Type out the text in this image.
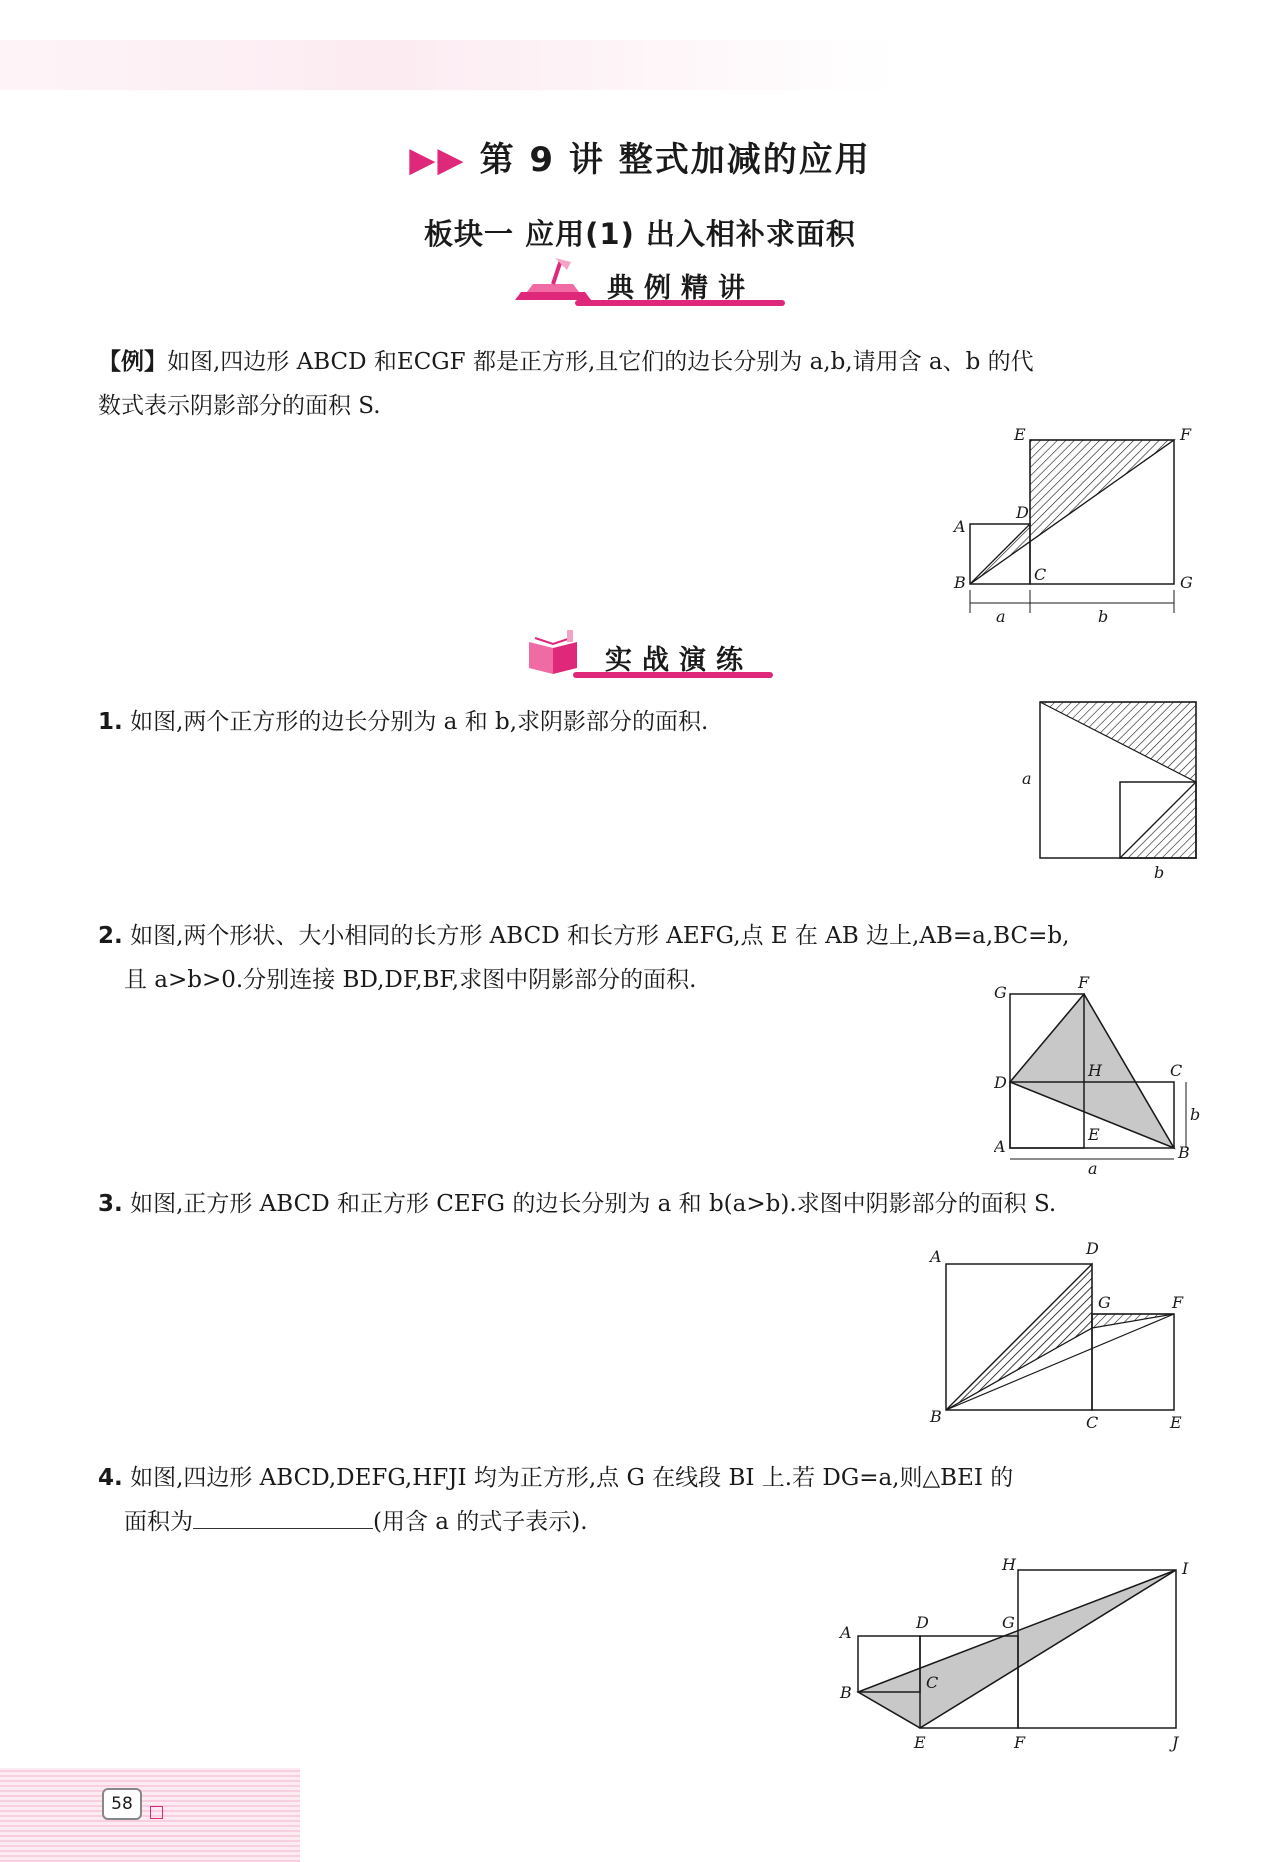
▶▶ 第 9 讲 整式加减的应用
板块一 应用(1) 出入相补求面积
典例精讲
【例】如图,四边形 ABCD 和ECGF 都是正方形,且它们的边长分别为 a,b,请用含 a、b 的代
数式表示阴影部分的面积 S.
E	F
D
A
B	C	G
a	b
实战演练
1. 如图,两个正方形的边长分别为 a 和 b,求阴影部分的面积.
a
b
2. 如图,两个形状、大小相同的长方形 ABCD 和长方形 AEFG,点 E 在 AB 边上,AB=a,BC=b,
且 a>b>0.分别连接 BD,DF,BF,求图中阴影部分的面积.	G
F
D
H	C
b
A
E
B
a
3. 如图,正方形 ABCD 和正方形 CEFG 的边长分别为 a 和 b(a>b).求图中阴影部分的面积 S.
A	D
G	F
B	C	E
4. 如图,四边形 ABCD,DEFG,HFJI 均为正方形,点 G 在线段 BI 上.若 DG=a,则△BEI 的
面积为	(用含 a 的式子表示).
H	I
A
D	G
B
C
E	F	J
58
